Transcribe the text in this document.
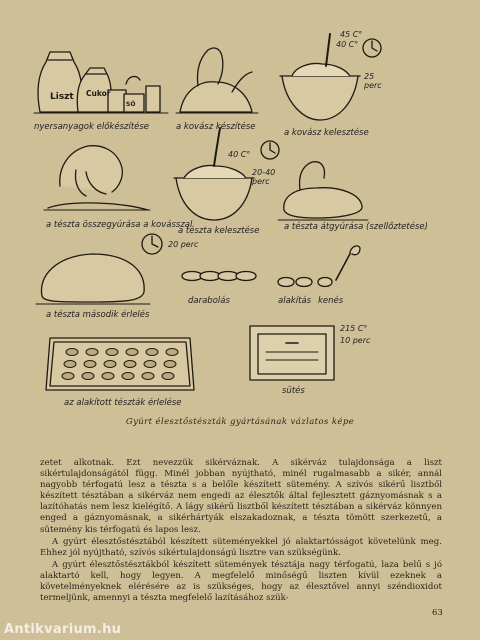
Liszt Cukor
SÓ
nyersanyagok előkészítése	a kovász készítése
a kovász kelesztése
a tészta összegyúrása a kovásszal
a tészta kelesztése	a tészta átgyúrása (szellőztetése)
a tészta második érlelés
darabolás	alakítás kenés
az alakított tészták érlelése
sütés
45 C°
40 C°
25
perc
40 C°
20-40
perc
20 perc
215 C°
10 perc
Gyúrt élesztőstészták gyártásának vázlatos képe

zetet alkotnak. Ezt nevezzük sikérváznak. A sikérváz tulajdonsága a liszt sikértulajdonságától függ. Minél jobban nyújtható, minél rugalmasabb a sikér, annál nagyobb térfogatú lesz a tészta s a belőle készített sütemény. A szívós sikérű lisztből készített tésztában a sikérváz nem engedi az élesztők által fejlesztett gáznyomásnak s a lazítóhatás nem lesz kielégítő. A lágy sikérű lisztből készített tésztában a sikérváz könnyen enged a gáznyomásnak, a sikérhártyák elszakadoznak, a tészta tömött szerkezetű, a sütemény kis térfogatú és lapos lesz.

A gyúrt élesztőstésztából készített süteményekkel jó alaktartósságot követelünk meg. Ehhez jól nyújtható, szívós sikértulajdonságú lisztre van szükségünk.

A gyúrt élesztőstésztákból készített sütemények tésztája nagy térfogatú, laza belű s jó alaktartó kell, hogy legyen. A megfelelő minőségű liszten kívül ezeknek a követelményeknek elérésére az is szükséges, hogy az élesztővel annyi széndioxidot termeljünk, amennyi a tészta megfelelő lazításához szük-

63
Antikvarium.hu
